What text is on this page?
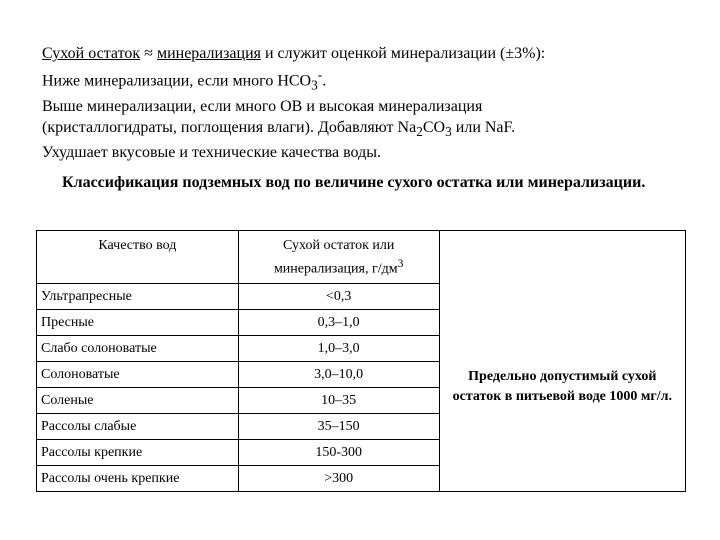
Сухой остаток ≈ минерализация и служит оценкой минерализации (±3%):

Ниже минерализации, если много $НСО_3^-$.

Выше минерализации, если много ОВ и высокая минерализация

(кристаллогидраты, поглощения влаги). Добавляют $Na_2CO_3$ или NaF.

Ухудшает вкусовые и технические качества воды.

Классификация подземных вод по величине сухого остатка или минерализации.
Качество вод	Сухой остаток или минерализация, $г/дм^3$	
Ультрапресные	<0,3	Предельно допустимый сухой остаток в питьевой воде 1000 мг/л.
Пресные	0,3–1,0	
Слабо солоноватые	1,0–3,0	
Солоноватые	3,0–10,0	
Соленые	10–35	
Рассолы слабые	35–150	
Рассолы крепкие	150-300	
Рассолы очень крепкие	>300	
